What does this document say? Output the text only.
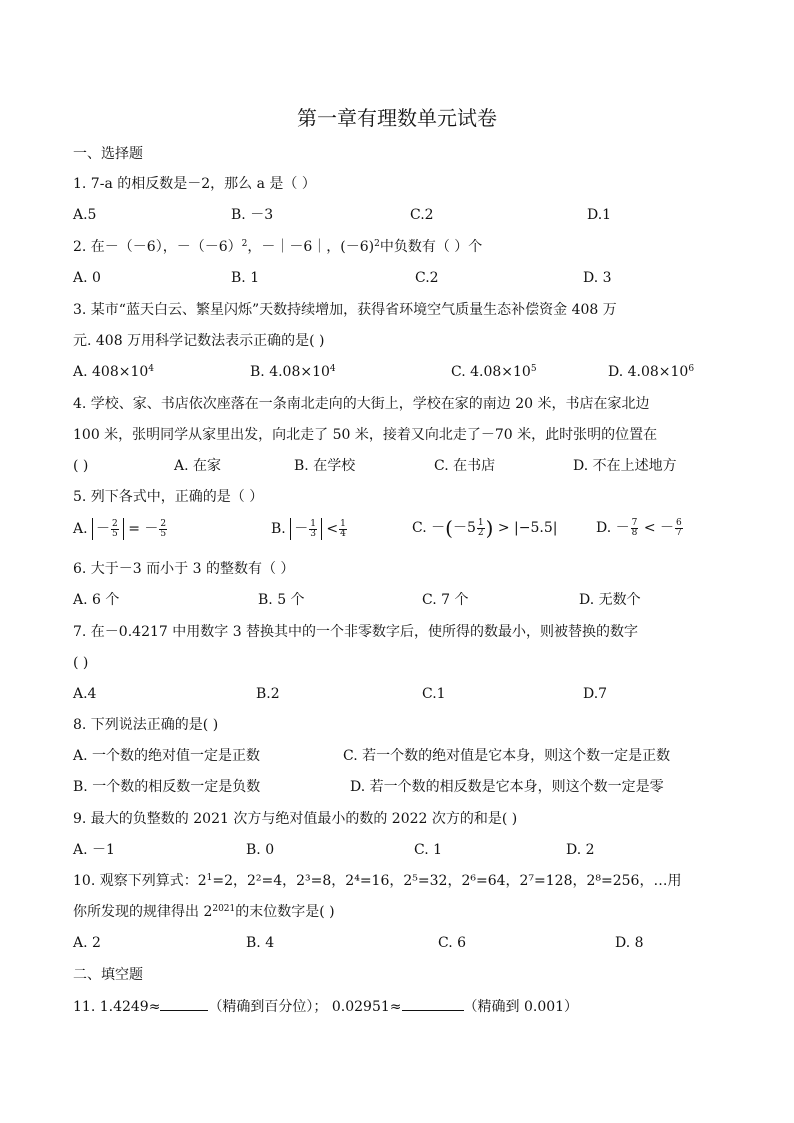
第一章有理数单元试卷
一、选择题
1. 7-a 的相反数是－2，那么 a 是（ ）
A.5	B. －3	C.2	D.1
2. 在－（－6），$-(-6)^2$，－｜－6｜，$(-6)^2$中负数有（ ）个
A. 0	B. 1	C.2	D. 3
3. 某市“蓝天白云、繁星闪烁”天数持续增加，获得省环境空气质量生态补偿资金 408 万
元. 408 万用科学记数法表示正确的是( )
A. $408\times 10^4$	B. $4.08\times 10^4$	C. $4.08\times 10^5$	D. $4.08\times 10^6$
4. 学校、家、书店依次座落在一条南北走向的大街上，学校在家的南边 20 米，书店在家北边
100 米，张明同学从家里出发，向北走了 50 米，接着又向北走了－70 米，此时张明的位置在
( )	A. 在家	B. 在学校	C. 在书店	D. 不在上述地方
5. 列下各式中，正确的是（ ）
A. － $\frac{2}{5}$ = － $\frac{2}{5}$	B. － $\frac{1}{3} < \frac{1}{4}$	C. $-(-5 \frac{1}{2}$ ) > |−5.5|	D. － $\frac{7}{8}$ < － $\frac{6}{7}$
6. 大于－3 而小于 3 的整数有（ ）
A. 6 个	B. 5 个	C. 7 个	D. 无数个
7. 在－0.4217 中用数字 3 替换其中的一个非零数字后，使所得的数最小，则被替换的数字
( )
A.4	B.2	C.1	D.7
8. 下列说法正确的是( )
A. 一个数的绝对值一定是正数	C. 若一个数的绝对值是它本身，则这个数一定是正数
B. 一个数的相反数一定是负数	D. 若一个数的相反数是它本身，则这个数一定是零
9. 最大的负整数的 2021 次方与绝对值最小的数的 2022 次方的和是( )
A. －1	B. 0	C. 1	D. 2
10. 观察下列算式：$2^1=2$，2²=4，2³=8，2⁴=16，2⁵=32，2⁶=64，2⁷=128，2⁸=256，…用
你所发现的规律得出 $2^{2021}$的末位数字是( )
A. 2	B. 4	C. 6	D. 8
二、填空题
11. 1.4249≈	（精确到百分位）； 0.02951≈	（精确到 0.001）
